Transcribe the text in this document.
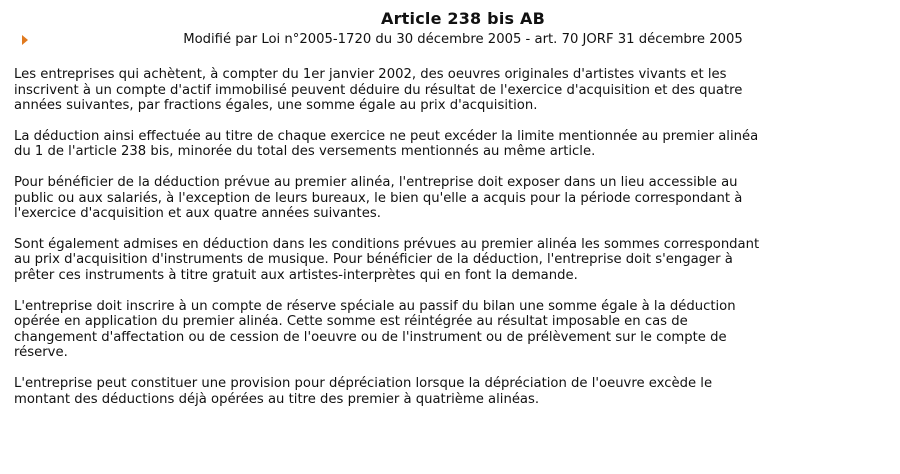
Article 238 bis AB
Modifié par Loi n°2005-1720 du 30 décembre 2005 - art. 70 JORF 31 décembre 2005
Les entreprises qui achètent, à compter du 1er janvier 2002, des oeuvres originales d'artistes vivants et les
inscrivent à un compte d'actif immobilisé peuvent déduire du résultat de l'exercice d'acquisition et des quatre
années suivantes, par fractions égales, une somme égale au prix d'acquisition.
La déduction ainsi effectuée au titre de chaque exercice ne peut excéder la limite mentionnée au premier alinéa
du 1 de l'article 238 bis, minorée du total des versements mentionnés au même article.
Pour bénéficier de la déduction prévue au premier alinéa, l'entreprise doit exposer dans un lieu accessible au
public ou aux salariés, à l'exception de leurs bureaux, le bien qu'elle a acquis pour la période correspondant à
l'exercice d'acquisition et aux quatre années suivantes.
Sont également admises en déduction dans les conditions prévues au premier alinéa les sommes correspondant
au prix d'acquisition d'instruments de musique. Pour bénéficier de la déduction, l'entreprise doit s'engager à
prêter ces instruments à titre gratuit aux artistes-interprètes qui en font la demande.
L'entreprise doit inscrire à un compte de réserve spéciale au passif du bilan une somme égale à la déduction
opérée en application du premier alinéa. Cette somme est réintégrée au résultat imposable en cas de
changement d'affectation ou de cession de l'oeuvre ou de l'instrument ou de prélèvement sur le compte de
réserve.
L'entreprise peut constituer une provision pour dépréciation lorsque la dépréciation de l'oeuvre excède le
montant des déductions déjà opérées au titre des premier à quatrième alinéas.
